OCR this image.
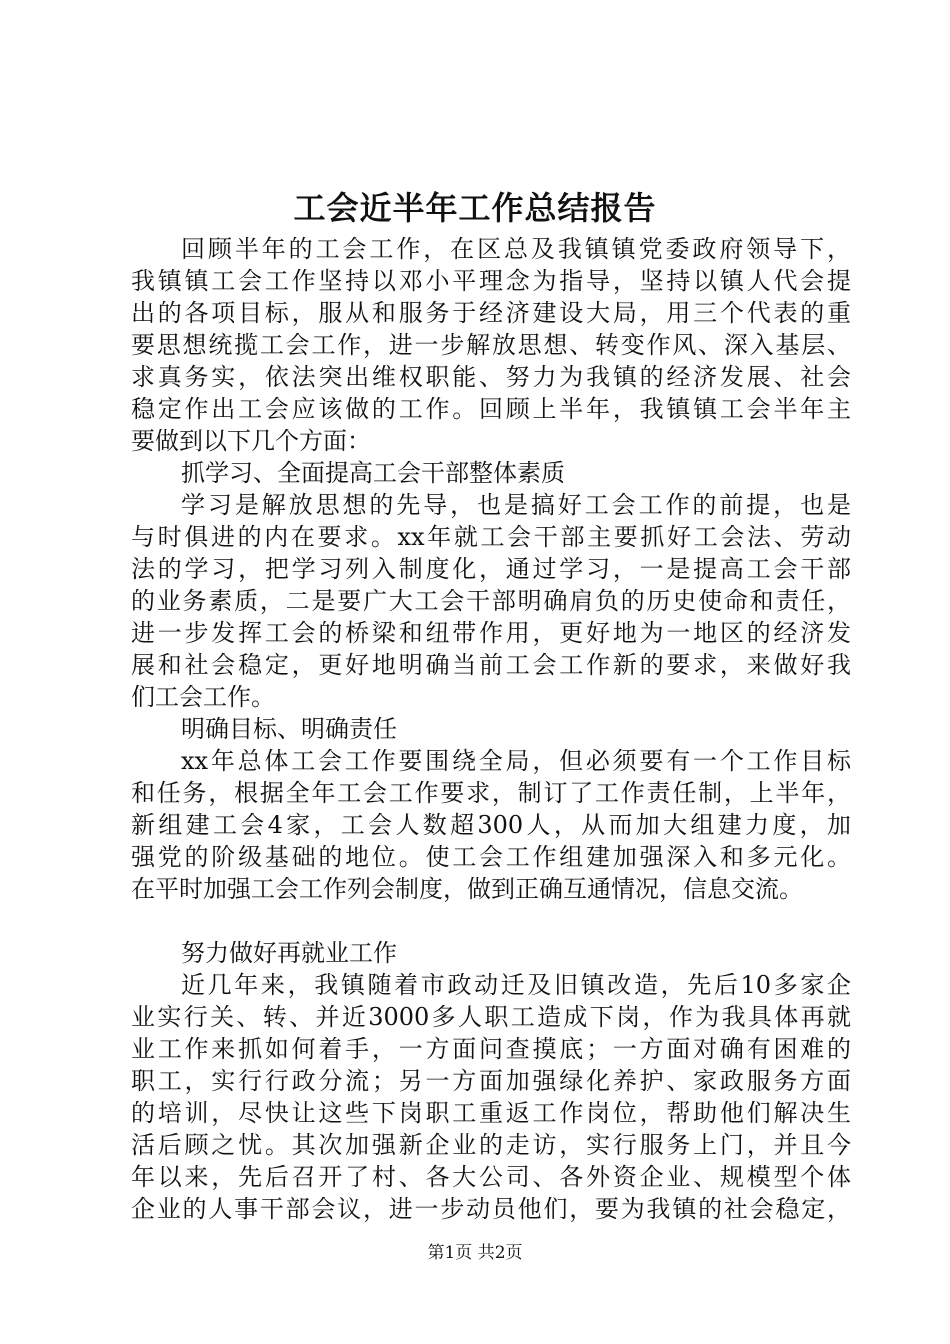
工会近半年工作总结报告
回顾半年的工会工作，在区总及我镇镇党委政府领导下，
我镇镇工会工作坚持以邓小平理念为指导，坚持以镇人代会提
出的各项目标，服从和服务于经济建设大局，用三个代表的重
要思想统揽工会工作，进一步解放思想、转变作风、深入基层、
求真务实，依法突出维权职能、努力为我镇的经济发展、社会
稳定作出工会应该做的工作。回顾上半年，我镇镇工会半年主
要做到以下几个方面：
抓学习、全面提高工会干部整体素质
学习是解放思想的先导，也是搞好工会工作的前提，也是
与时俱进的内在要求。xx年就工会干部主要抓好工会法、劳动
法的学习，把学习列入制度化，通过学习，一是提高工会干部
的业务素质，二是要广大工会干部明确肩负的历史使命和责任，
进一步发挥工会的桥梁和纽带作用，更好地为一地区的经济发
展和社会稳定，更好地明确当前工会工作新的要求，来做好我
们工会工作。
明确目标、明确责任
xx年总体工会工作要围绕全局，但必须要有一个工作目标
和任务，根据全年工会工作要求，制订了工作责任制，上半年，
新组建工会4家，工会人数超300人，从而加大组建力度，加
强党的阶级基础的地位。使工会工作组建加强深入和多元化。
在平时加强工会工作列会制度，做到正确互通情况，信息交流。
努力做好再就业工作
近几年来，我镇随着市政动迁及旧镇改造，先后10多家企
业实行关、转、并近3000多人职工造成下岗，作为我具体再就
业工作来抓如何着手，一方面问查摸底；一方面对确有困难的
职工，实行行政分流；另一方面加强绿化养护、家政服务方面
的培训，尽快让这些下岗职工重返工作岗位，帮助他们解决生
活后顾之忧。其次加强新企业的走访，实行服务上门，并且今
年以来，先后召开了村、各大公司、各外资企业、规模型个体
企业的人事干部会议，进一步动员他们，要为我镇的社会稳定，
第1页 共2页
